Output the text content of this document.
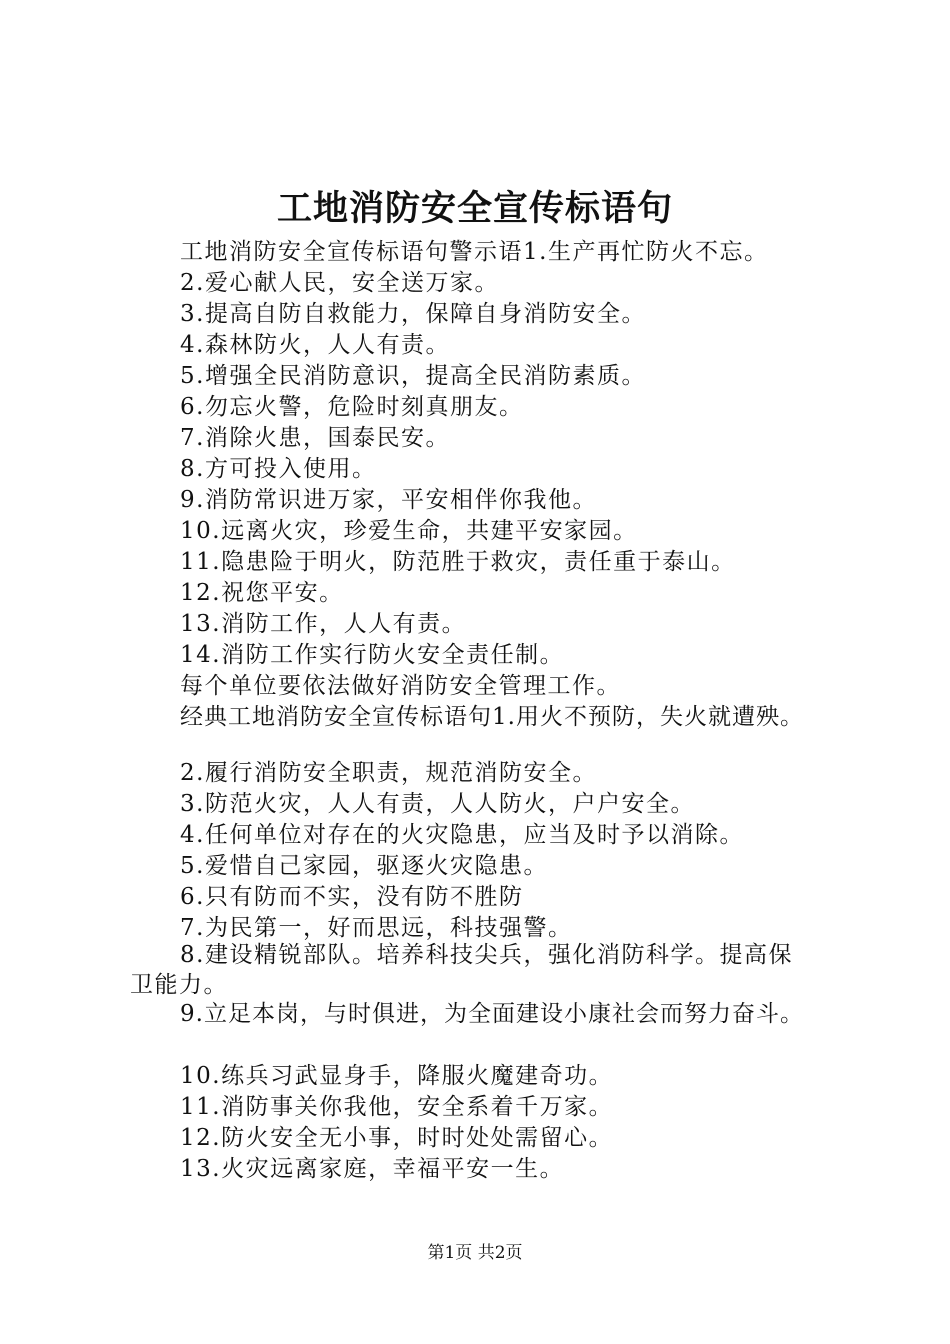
工地消防安全宣传标语句
工地消防安全宣传标语句警示语1.生产再忙防火不忘。
2.爱心献人民，安全送万家。
3.提高自防自救能力，保障自身消防安全。
4.森林防火，人人有责。
5.增强全民消防意识，提高全民消防素质。
6.勿忘火警，危险时刻真朋友。
7.消除火患，国泰民安。
8.方可投入使用。
9.消防常识进万家，平安相伴你我他。
10.远离火灾，珍爱生命，共建平安家园。
11.隐患险于明火，防范胜于救灾，责任重于泰山。
12.祝您平安。
13.消防工作，人人有责。
14.消防工作实行防火安全责任制。
每个单位要依法做好消防安全管理工作。
经典工地消防安全宣传标语句1.用火不预防，失火就遭殃。
2.履行消防安全职责，规范消防安全。
3.防范火灾，人人有责，人人防火，户户安全。
4.任何单位对存在的火灾隐患，应当及时予以消除。
5.爱惜自己家园，驱逐火灾隐患。
6.只有防而不实，没有防不胜防
7.为民第一，好而思远，科技强警。
8.建设精锐部队。培养科技尖兵，强化消防科学。提高保
卫能力。
9.立足本岗，与时俱进，为全面建设小康社会而努力奋斗。
10.练兵习武显身手，降服火魔建奇功。
11.消防事关你我他，安全系着千万家。
12.防火安全无小事，时时处处需留心。
13.火灾远离家庭，幸福平安一生。
第1页 共2页
